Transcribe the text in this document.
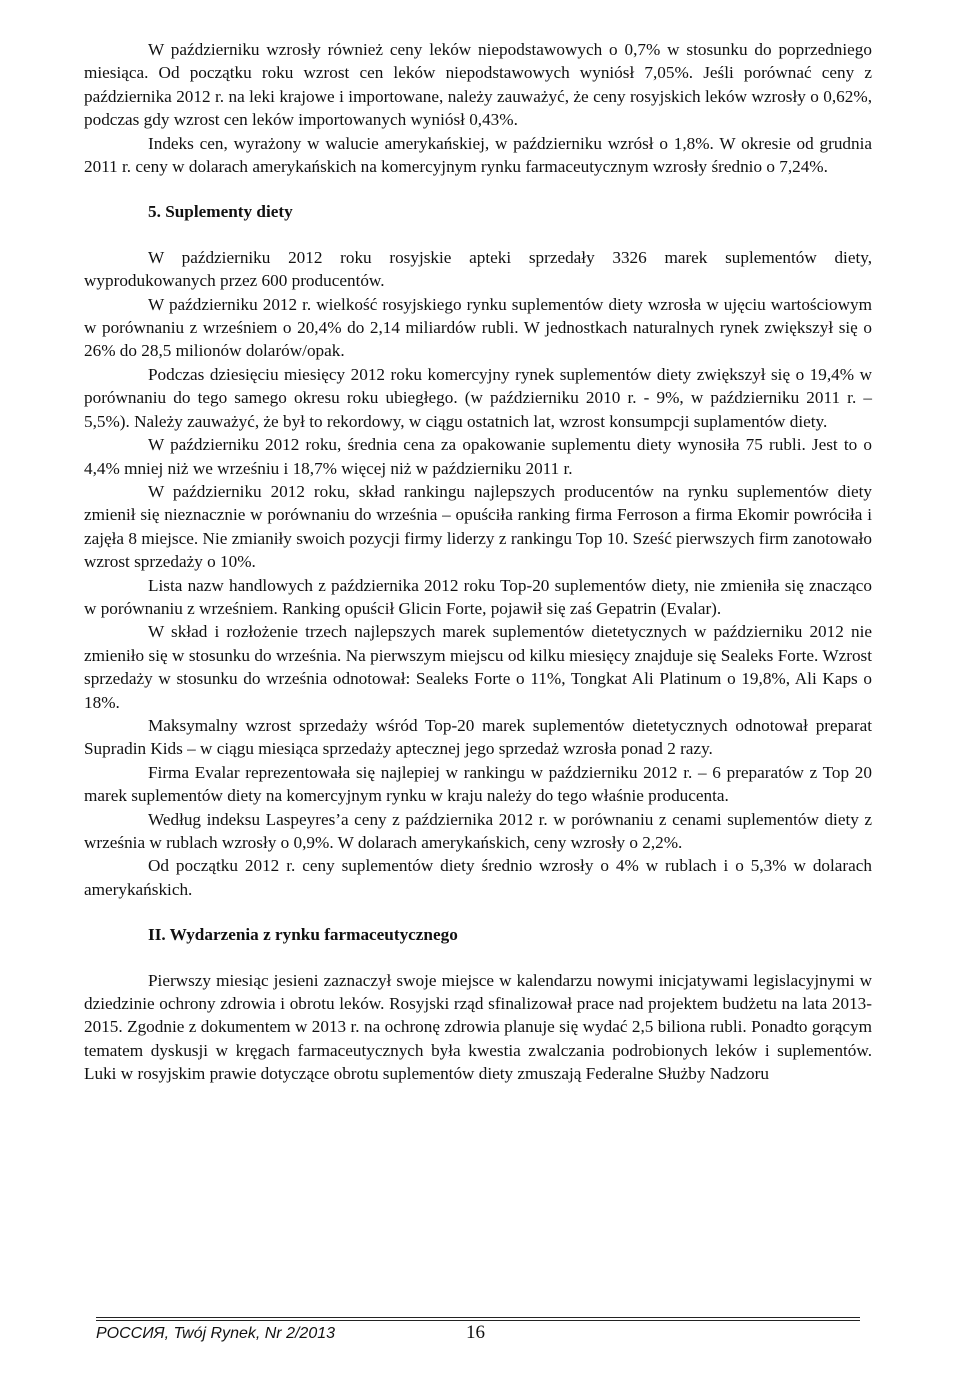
W październiku wzrosły również ceny leków niepodstawowych o 0,7% w stosunku do poprzedniego miesiąca. Od początku roku wzrost cen leków niepodstawowych wyniósł 7,05%. Jeśli porównać ceny z października 2012 r. na leki krajowe i importowane, należy zauważyć, że ceny rosyjskich leków wzrosły o 0,62%, podczas gdy wzrost cen leków importowanych wyniósł 0,43%.

Indeks cen, wyrażony w walucie amerykańskiej, w październiku wzrósł o 1,8%. W okresie od grudnia 2011 r. ceny w dolarach amerykańskich na komercyjnym rynku farmaceutycznym wzrosły średnio o 7,24%.

5. Suplementy diety

W październiku 2012 roku rosyjskie apteki sprzedały 3326 marek suplementów diety, wyprodukowanych przez 600 producentów.

W październiku 2012 r. wielkość rosyjskiego rynku suplementów diety wzrosła w ujęciu wartościowym w porównaniu z wrześniem o 20,4% do 2,14 miliardów rubli. W jednostkach naturalnych rynek zwiększył się o 26% do 28,5 milionów dolarów/opak.

Podczas dziesięciu miesięcy 2012 roku komercyjny rynek suplementów diety zwiększył się o 19,4% w porównaniu do tego samego okresu roku ubiegłego. (w październiku 2010 r. - 9%, w październiku 2011 r. – 5,5%). Należy zauważyć, że był to rekordowy, w ciągu ostatnich lat, wzrost konsumpcji suplamentów diety.

W październiku 2012 roku, średnia cena za opakowanie suplementu diety wynosiła 75 rubli. Jest to o 4,4% mniej niż we wrześniu i 18,7% więcej niż w październiku 2011 r.

W październiku 2012 roku, skład rankingu najlepszych producentów na rynku suplementów diety zmienił się nieznacznie w porównaniu do września – opuściła ranking firma Ferroson a firma Ekomir powróciła i zajęła 8 miejsce. Nie zmianiły swoich pozycji firmy liderzy z rankingu Top 10. Sześć pierwszych firm zanotowało wzrost sprzedaży o 10%.

Lista nazw handlowych z października 2012 roku Top-20 suplementów diety, nie zmieniła się znacząco w porównaniu z wrześniem. Ranking opuścił Glicin Forte, pojawił się zaś Gepatrin (Evalar).

W skład i rozłożenie trzech najlepszych marek suplementów dietetycznych w październiku 2012 nie zmieniło się w stosunku do września. Na pierwszym miejscu od kilku miesięcy znajduje się Sealeks Forte. Wzrost sprzedaży w stosunku do września odnotował: Sealeks Forte o 11%, Tongkat Ali Platinum o 19,8%, Ali Kaps o 18%.

Maksymalny wzrost sprzedaży wśród Top-20 marek suplementów dietetycznych odnotował preparat Supradin Kids – w ciągu miesiąca sprzedaży aptecznej jego sprzedaż wzrosła ponad 2 razy.

Firma Evalar reprezentowała się najlepiej w rankingu w październiku 2012 r. – 6 preparatów z Top 20 marek suplementów diety na komercyjnym rynku w kraju należy do tego właśnie producenta.

Według indeksu Laspeyres’a ceny z października 2012 r. w porównaniu z cenami suplementów diety z września w rublach wzrosły o 0,9%. W dolarach amerykańskich, ceny wzrosły o 2,2%.

Od początku 2012 r. ceny suplementów diety średnio wzrosły o 4% w rublach i o 5,3% w dolarach amerykańskich.

II. Wydarzenia z rynku farmaceutycznego

Pierwszy miesiąc jesieni zaznaczył swoje miejsce w kalendarzu nowymi inicjatywami legislacyjnymi w dziedzinie ochrony zdrowia i obrotu leków. Rosyjski rząd sfinalizował prace nad projektem budżetu na lata 2013-2015. Zgodnie z dokumentem w 2013 r. na ochronę zdrowia planuje się wydać 2,5 biliona rubli. Ponadto gorącym tematem dyskusji w kręgach farmaceutycznych była kwestia zwalczania podrobionych leków i suplementów. Luki w rosyjskim prawie dotyczące obrotu suplementów diety zmuszają Federalne Służby Nadzoru

РОССИЯ, Twój Rynek, Nr 2/2013	16
